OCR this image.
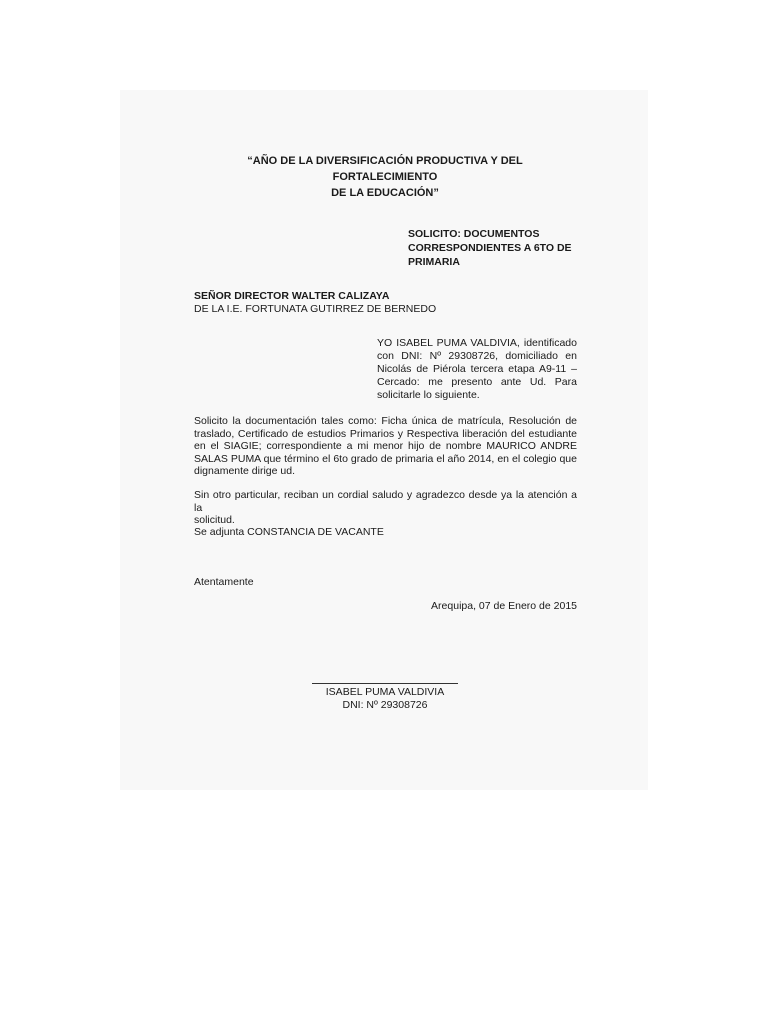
“AÑO DE LA DIVERSIFICACIÓN PRODUCTIVA Y DEL FORTALECIMIENTO
DE LA EDUCACIÓN”
SOLICITO: DOCUMENTOS
CORRESPONDIENTES A 6TO DE
PRIMARIA
SEÑOR DIRECTOR WALTER CALIZAYA
DE LA I.E. FORTUNATA GUTIRREZ DE BERNEDO
YO ISABEL PUMA VALDIVIA, identificado
con DNI: Nº 29308726, domiciliado en
Nicolás de Piérola tercera etapa A9-11 –
Cercado: me presento ante Ud. Para
solicitarle lo siguiente.
Solicito la documentación tales como: Ficha única de matrícula, Resolución de
traslado, Certificado de estudios Primarios y Respectiva liberación del estudiante
en el SIAGIE; correspondiente a mi menor hijo de nombre MAURICO ANDRE
SALAS PUMA que término el 6to grado de primaria el año 2014, en el colegio que
dignamente dirige ud.
Sin otro particular, reciban un cordial saludo y agradezco desde ya la atención a la
solicitud.
Se adjunta CONSTANCIA DE VACANTE
Atentamente
Arequipa, 07 de Enero de 2015
ISABEL PUMA VALDIVIA
DNI: Nº 29308726
